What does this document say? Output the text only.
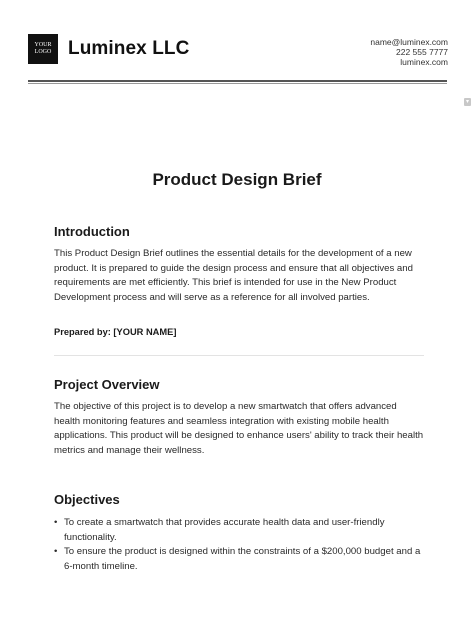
YOUR
LOGO Luminex LLC	name@luminex.com
222 555 7777
luminex.com
▾
Product Design Brief
Introduction
This Product Design Brief outlines the essential details for the development of a new product. It is prepared to guide the design process and ensure that all objectives and requirements are met efficiently. This brief is intended for use in the New Product Development process and will serve as a reference for all involved parties.
Prepared by: [YOUR NAME]
Project Overview
The objective of this project is to develop a new smartwatch that offers advanced health monitoring features and seamless integration with existing mobile health applications. This product will be designed to enhance users' ability to track their health metrics and manage their wellness.
Objectives
• To create a smartwatch that provides accurate health data and user-friendly functionality.
• To ensure the product is designed within the constraints of a $200,000 budget and a 6-month timeline.
